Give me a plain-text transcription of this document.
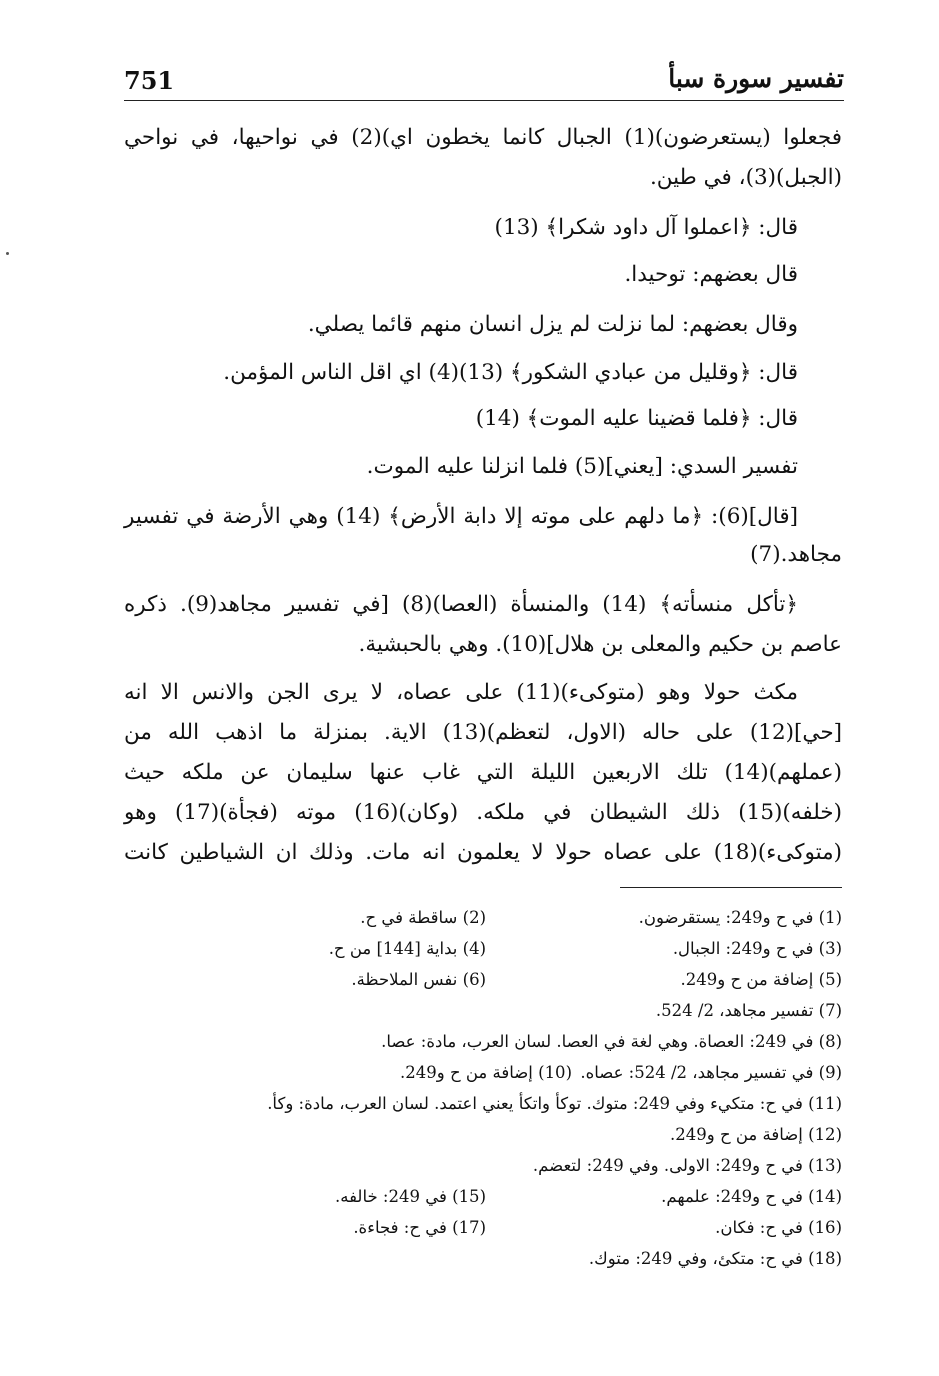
751	تفسير سورة سبأ
فجعلوا (يستعرضون)(1) الجبال كانما يخطون اي)(2) في نواحيها، في نواحي
(الجبل)(3)، في طين.
قال: ﴿اعملوا آل داود شكرا﴾ (13)
قال بعضهم: توحيدا.
وقال بعضهم: لما نزلت لم يزل انسان منهم قائما يصلي.
قال: ﴿وقليل من عبادي الشكور﴾ (13)(4) اي اقل الناس المؤمن.
قال: ﴿فلما قضينا عليه الموت﴾ (14)
تفسير السدي: [يعني](5) فلما انزلنا عليه الموت.
[قال](6): ﴿ما دلهم على موته إلا دابة الأرض﴾ (14) وهي الأرضة في تفسير
مجاهد.(7)
﴿تأكل منسأته﴾ (14) والمنسأة (العصا)(8) [في تفسير مجاهد(9). ذكره
عاصم بن حكيم والمعلى بن هلال](10). وهي بالحبشية.
مكث حولا وهو (متوكىء)(11) على عصاه، لا يرى الجن والانس الا انه
[حي](12) على حاله (الاول، لتعظم)(13) الاية. بمنزلة ما اذهب الله من
(عملهم)(14) تلك الاربعين الليلة التي غاب عنها سليمان عن ملكه حيث
(خلفه)(15) ذلك الشيطان في ملكه. (وكان)(16) موته (فجأة)(17) وهو
(متوكىء)(18) على عصاه حولا لا يعلمون انه مات. وذلك ان الشياطين كانت
(1) في ح و249: يستقرضون.
(2) ساقطة في ح.
(3) في ح و249: الجبال.
(4) بداية [144] من ح.
(5) إضافة من ح و249.
(6) نفس الملاحظة.
(7) تفسير مجاهد، 2/ 524.
(8) في 249: العصاة. وهي لغة في العصا. لسان العرب، مادة: عصا.
(9) في تفسير مجاهد، 2/ 524: عصاه.
(10) إضافة من ح و249.
(11) في ح: متكيء وفي 249: متوك. توكأ واتكأ يعني اعتمد. لسان العرب، مادة: وكأ.
(12) إضافة من ح و249.
(13) في ح و249: الاولى. وفي 249: لتعضم.
(14) في ح و249: علمهم.
(15) في 249: خالفه.
(16) في ح: فكان.
(17) في ح: فجاءة.
(18) في ح: متكئ، وفي 249: متوك.
